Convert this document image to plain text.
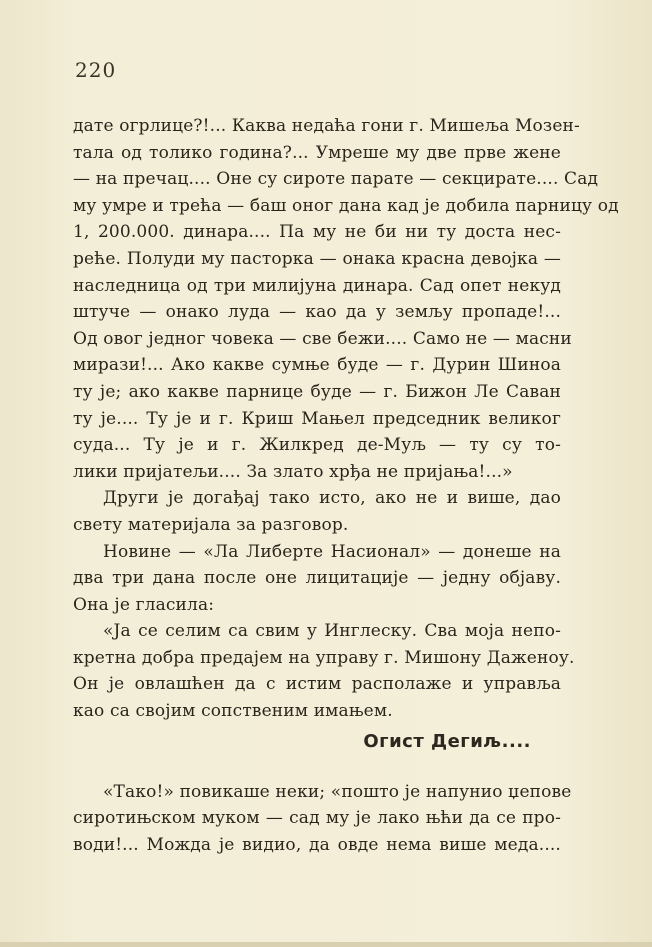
220
дате огрлице?!... Каква недаћа гони г. Мишеља Мозен-
тала од толико година?... Умреше му две прве жене
— на пречац.... Оне су сироте парате — секцирате.... Сад
му умре и трећа — баш оног дана кад је добила парницу од
1, 200.000. динара.... Па му не би ни ту доста нес-
реће. Полуди му пасторка — онака красна девојка —
наследница од три милијуна динара. Сад опет некуд
штуче — онако луда — као да у земљу пропаде!...
Од овог једног човека — све бежи.... Само не — масни
мирази!... Ако какве сумње буде — г. Дурин Шиноа
ту је; ако какве парнице буде — г. Бижон Ле Саван
ту је.... Ту је и г. Криш Мањел председник великог
суда... Ту је и г. Жилкред де-Муљ — ту су то-
лики пријатељи.... За злато хрђа не пријања!...»
Други је догађај тако исто, ако не и више, дао
свету материјала за разговор.
Новине — «Ла Либерте Насионал» — донеше на
два три дана после оне лицитације — једну објаву.
Она је гласила:
«Ја се селим са свим у Инглеску. Сва моја непо-
кретна добра предајем на управу г. Мишону Даженоу.
Он је овлашћен да с истим располаже и управља
као са својим сопственим имањем.
Огист Дегиљ....
«Тако!» повикаше неки; «пошто је напунио џепове
сиротињском муком — сад му је лако њћи да се про-
води!... Можда је видио, да овде нема више меда....
